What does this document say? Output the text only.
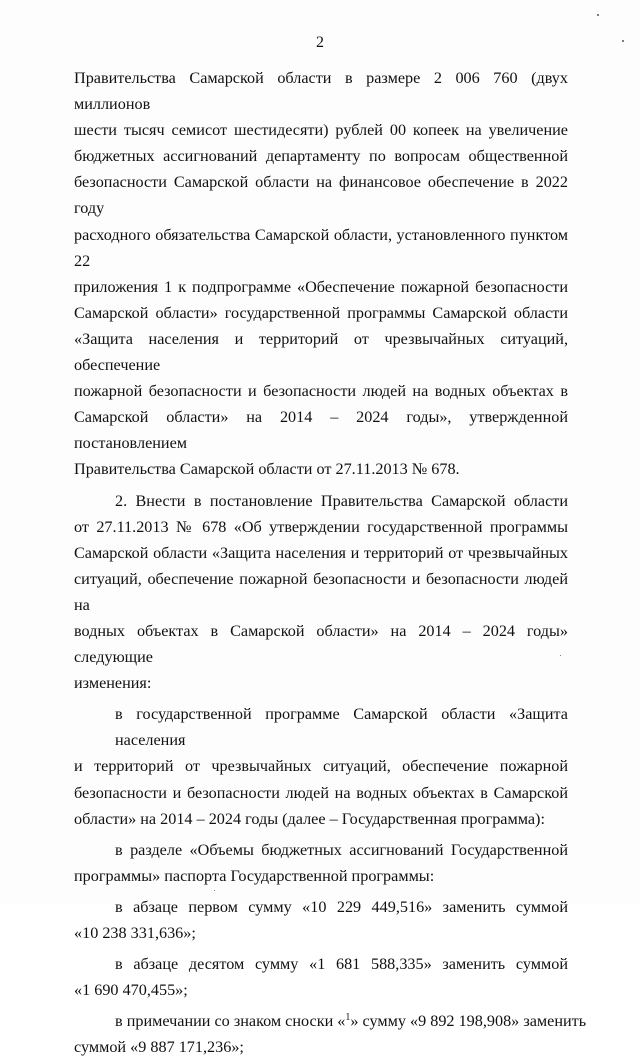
2
Правительства Самарской области в размере 2 006 760 (двух миллионов
шести тысяч семисот шестидесяти) рублей 00 копеек на увеличение
бюджетных ассигнований департаменту по вопросам общественной
безопасности Самарской области на финансовое обеспечение в 2022 году
расходного обязательства Самарской области, установленного пунктом 22
приложения 1 к подпрограмме «Обеспечение пожарной безопасности
Самарской области» государственной программы Самарской области
«Защита населения и территорий от чрезвычайных ситуаций, обеспечение
пожарной безопасности и безопасности людей на водных объектах в
Самарской области» на 2014 – 2024 годы», утвержденной постановлением
Правительства Самарской области от 27.11.2013 № 678.
2. Внести в постановление Правительства Самарской области
от 27.11.2013 № 678 «Об утверждении государственной программы
Самарской области «Защита населения и территорий от чрезвычайных
ситуаций, обеспечение пожарной безопасности и безопасности людей на
водных объектах в Самарской области» на 2014 – 2024 годы» следующие
изменения:
в государственной программе Самарской области «Защита населения
и территорий от чрезвычайных ситуаций, обеспечение пожарной
безопасности и безопасности людей на водных объектах в Самарской
области» на 2014 – 2024 годы (далее – Государственная программа):
в разделе «Объемы бюджетных ассигнований Государственной
программы» паспорта Государственной программы:
в абзаце первом сумму «10 229 449,516» заменить суммой
«10 238 331,636»;
в абзаце десятом сумму «1 681 588,335» заменить суммой
«1 690 470,455»;
в примечании со знаком сноски «$^1$» сумму «9 892 198,908» заменить
суммой «9 887 171,236»;
